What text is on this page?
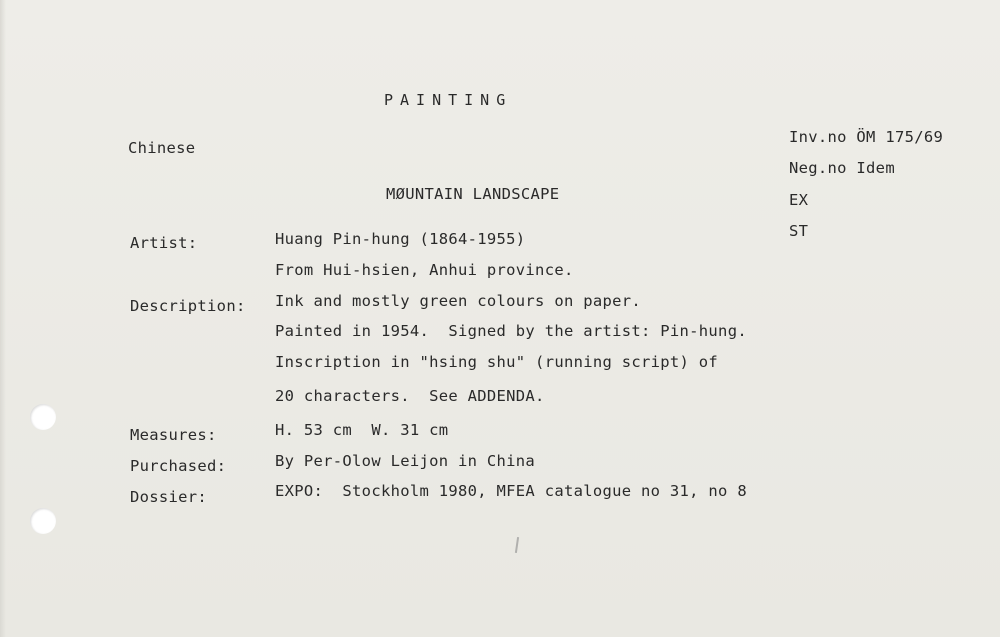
PAINTING
Chinese
MØUNTAIN LANDSCAPE
Inv.no ÖM 175/69
Neg.no Idem
EX
ST
Artist:	Huang Pin-hung (1864-1955)
From Hui-hsien, Anhui province.
Description: Ink and mostly green colours on paper.
Painted in 1954.  Signed by the artist: Pin-hung.
Inscription in "hsing shu" (running script) of
20 characters.  See ADDENDA.
Measures:	H. 53 cm  W. 31 cm
Purchased:	By Per-Olow Leijon in China
Dossier:	EXPO:  Stockholm 1980, MFEA catalogue no 31, no 8
